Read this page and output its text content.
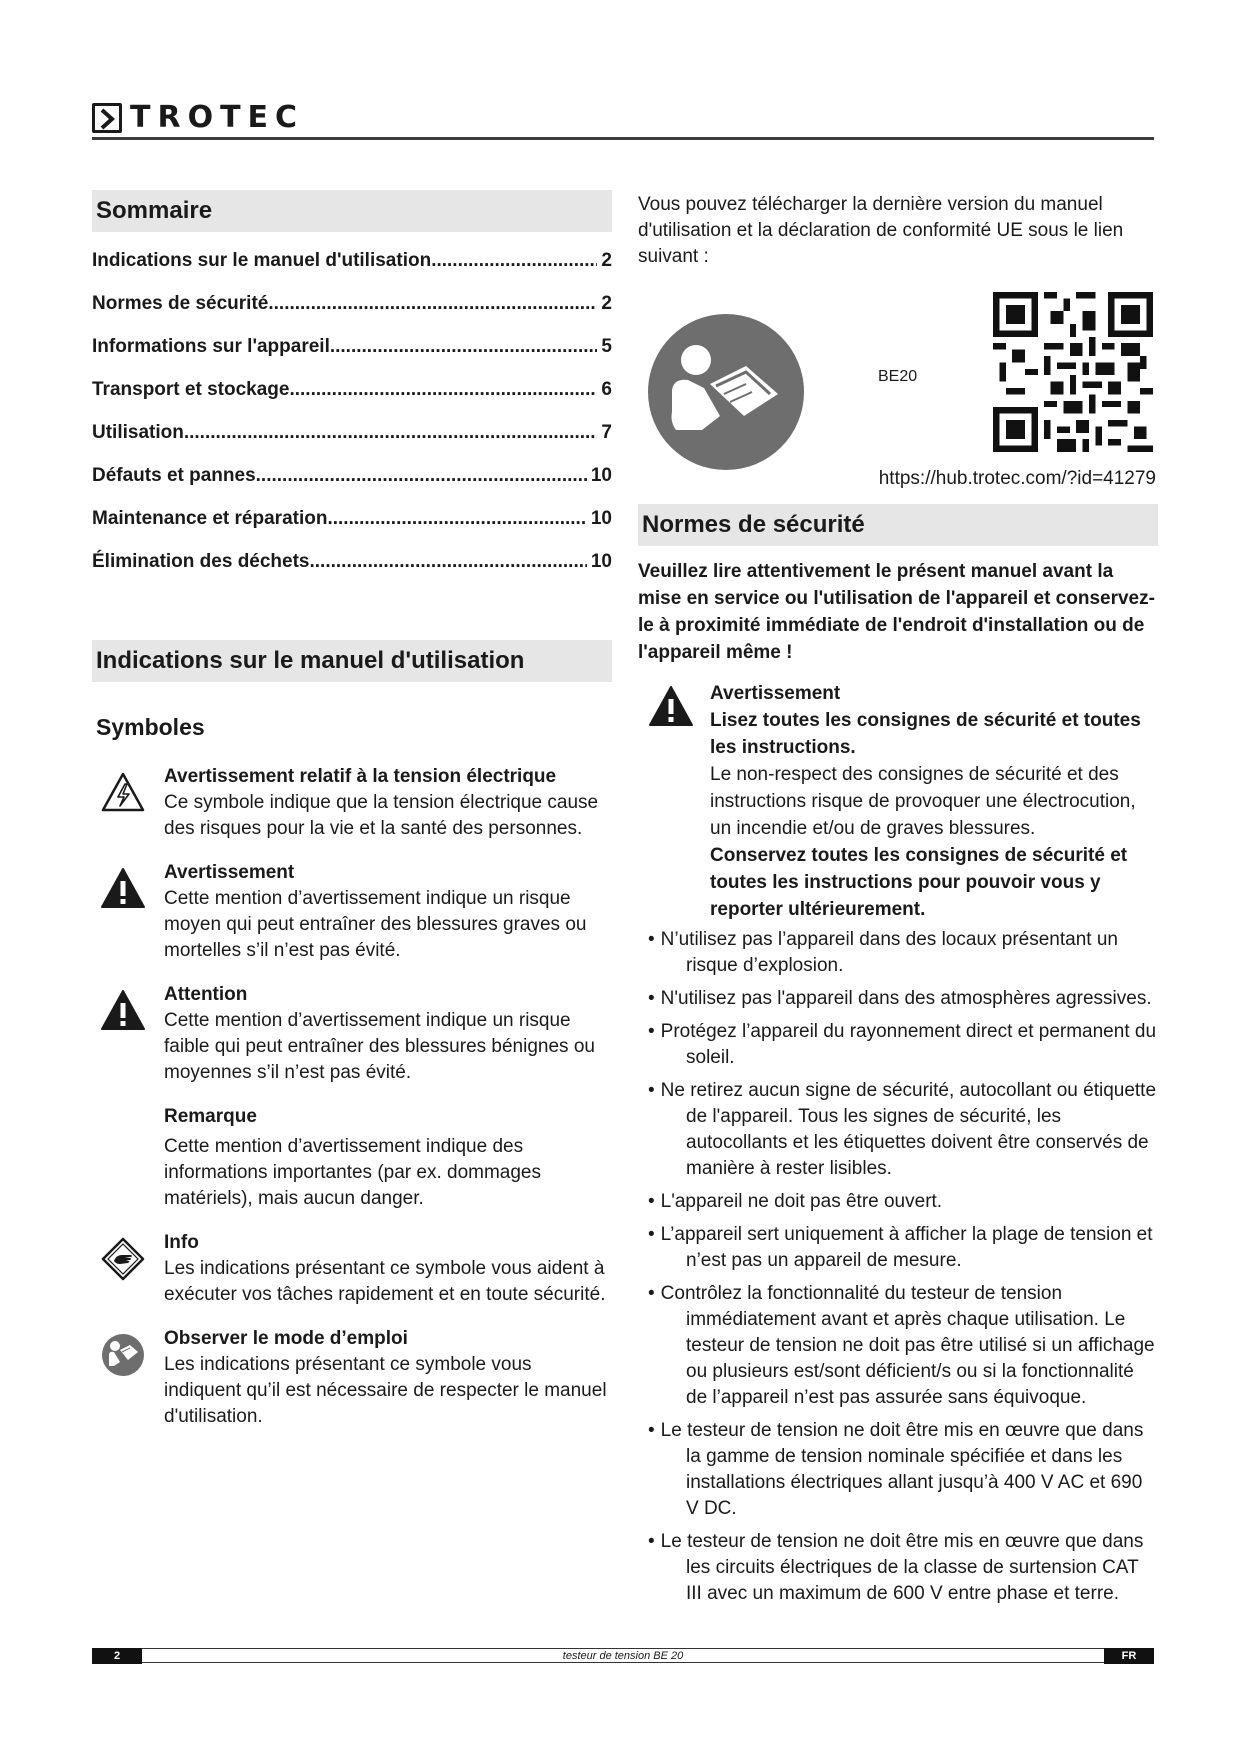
TROTEC
Sommaire
Indications sur le manuel d'utilisation .....	2
Normes de sécurité .....	2
Informations sur l'appareil .....	5
Transport et stockage .....	6
Utilisation .....	7
Défauts et pannes .....	10
Maintenance et réparation .....	10
Élimination des déchets .....	10
Indications sur le manuel d'utilisation
Symboles
Avertissement relatif à la tension électrique

Ce symbole indique que la tension électrique cause des risques pour la vie et la santé des personnes.

Avertissement

Cette mention d’avertissement indique un risque moyen qui peut entraîner des blessures graves ou mortelles s’il n’est pas évité.

Attention

Cette mention d’avertissement indique un risque faible qui peut entraîner des blessures bénignes ou moyennes s’il n’est pas évité.

Remarque

Cette mention d’avertissement indique des informations importantes (par ex. dommages matériels), mais aucun danger.

Info

Les indications présentant ce symbole vous aident à exécuter vos tâches rapidement et en toute sécurité.

Observer le mode d’emploi

Les indications présentant ce symbole vous indiquent qu’il est nécessaire de respecter le manuel d'utilisation.

Vous pouvez télécharger la dernière version du manuel d'utilisation et la déclaration de conformité UE sous le lien suivant :

BE20
https://hub.trotec.com/?id=41279
Normes de sécurité

Veuillez lire attentivement le présent manuel avant la mise en service ou l'utilisation de l'appareil et conservez-le à proximité immédiate de l'endroit d'installation ou de l'appareil même !

Avertissement
Lisez toutes les consignes de sécurité et toutes les instructions.
Le non-respect des consignes de sécurité et des instructions risque de provoquer une électrocution, un incendie et/ou de graves blessures.
Conservez toutes les consignes de sécurité et toutes les instructions pour pouvoir vous y reporter ultérieurement.
• N’utilisez pas l’appareil dans des locaux présentant un risque d’explosion.
• N'utilisez pas l'appareil dans des atmosphères agressives.
• Protégez l’appareil du rayonnement direct et permanent du soleil.
• Ne retirez aucun signe de sécurité, autocollant ou étiquette de l'appareil. Tous les signes de sécurité, les autocollants et les étiquettes doivent être conservés de manière à rester lisibles.
• L'appareil ne doit pas être ouvert.
• L’appareil sert uniquement à afficher la plage de tension et n’est pas un appareil de mesure.
• Contrôlez la fonctionnalité du testeur de tension immédiatement avant et après chaque utilisation. Le testeur de tension ne doit pas être utilisé si un affichage ou plusieurs est/sont déficient/s ou si la fonctionnalité de l’appareil n’est pas assurée sans équivoque.
• Le testeur de tension ne doit être mis en œuvre que dans la gamme de tension nominale spécifiée et dans les installations électriques allant jusqu’à 400 V AC et 690 V DC.
• Le testeur de tension ne doit être mis en œuvre que dans les circuits électriques de la classe de surtension CAT III avec un maximum de 600 V entre phase et terre.
2	testeur de tension BE 20	FR
